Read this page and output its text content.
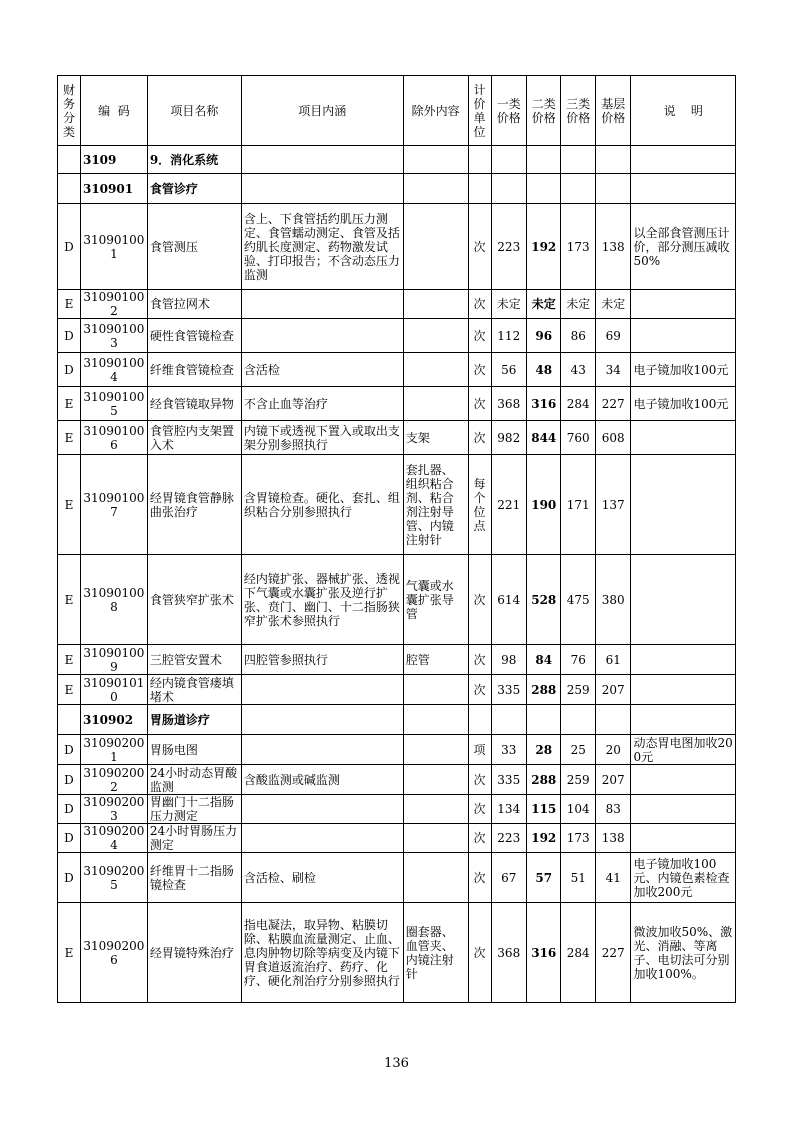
财务分类	编  码	项目名称	项目内涵	除外内容	计价单位	一类价格	二类价格	三类价格	基层价格	说    明
	3109	9．消化系统								
	310901	食管诊疗								
D	310901001	食管测压	含上、下食管括约肌压力测定、食管蠕动测定、食管及括约肌长度测定、药物激发试验、打印报告；不含动态压力监测		次	223	192	173	138	以全部食管测压计价，部分测压减收50%
E	310901002	食管拉网术			次	未定	未定	未定	未定	
D	310901003	硬性食管镜检查			次	112	96	86	69	
D	310901004	纤维食管镜检查	含活检		次	56	48	43	34	电子镜加收100元
E	310901005	经食管镜取异物	不含止血等治疗		次	368	316	284	227	电子镜加收100元
E	310901006	食管腔内支架置入术	内镜下或透视下置入或取出支架分别参照执行	支架	次	982	844	760	608	
E	310901007	经胃镜食管静脉曲张治疗	含胃镜检查。硬化、套扎、组织粘合分别参照执行	套扎器、组织粘合剂、粘合剂注射导管、内镜注射针	每个位点	221	190	171	137	
E	310901008	食管狭窄扩张术	经内镜扩张、器械扩张、透视下气囊或水囊扩张及逆行扩张、贲门、幽门、十二指肠狭窄扩张术参照执行	气囊或水囊扩张导管	次	614	528	475	380	
E	310901009	三腔管安置术	四腔管参照执行	腔管	次	98	84	76	61	
E	310901010	经内镜食管瘘填堵术			次	335	288	259	207	
	310902	胃肠道诊疗								
D	310902001	胃肠电图			项	33	28	25	20	动态胃电图加收200元
D	310902002	24小时动态胃酸监测	含酸监测或碱监测		次	335	288	259	207	
D	310902003	胃幽门十二指肠压力测定			次	134	115	104	83	
D	310902004	24小时胃肠压力测定			次	223	192	173	138	
D	310902005	纤维胃十二指肠镜检查	含活检、刷检		次	67	57	51	41	电子镜加收100元、内镜色素检查加收200元
E	310902006	经胃镜特殊治疗	指电凝法，取异物、粘膜切除、粘膜血流量测定、止血、息肉肿物切除等病变及内镜下胃食道返流治疗、药疗、化疗、硬化剂治疗分别参照执行	圈套器、血管夹、内镜注射针	次	368	316	284	227	微波加收50%、激光、消融、等离子、电切法可分别加收100%。
136
